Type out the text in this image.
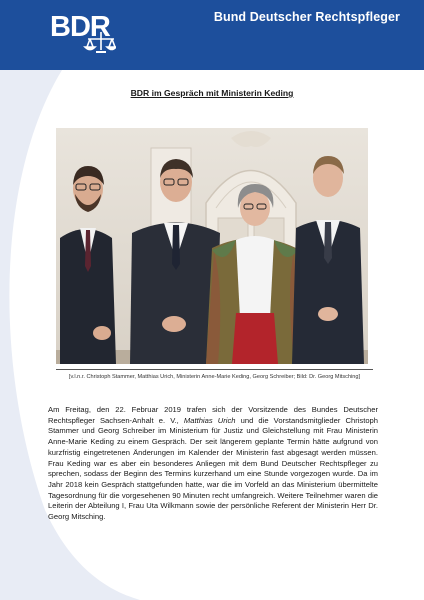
BDR	Bund Deutscher Rechtspfleger
BDR im Gespräch mit Ministerin Keding
[v.l.n.r. Christoph Stammer, Matthias Urich, Ministerin Anne-Marie Keding, Georg Schreiber; Bild: Dr. Georg Mitsching]
Am Freitag, den 22. Februar 2019 trafen sich der Vorsitzende des Bundes Deutscher Rechtspfleger Sachsen-Anhalt e. V., Matthias Urich und die Vorstandsmitglieder Christoph Stammer und Georg Schreiber im Ministerium für Justiz und Gleichstellung mit Frau Ministerin Anne-Marie Keding zu einem Gespräch. Der seit längerem geplante Termin hätte aufgrund von kurzfristig eingetretenen Änderungen im Kalender der Ministerin fast abgesagt werden müssen. Frau Keding war es aber ein besonderes Anliegen mit dem Bund Deutscher Rechtspfleger zu sprechen, sodass der Beginn des Termins kurzerhand um eine Stunde vorgezogen wurde. Da im Jahr 2018 kein Gespräch stattgefunden hatte, war die im Vorfeld an das Ministerium übermittelte Tagesordnung für die vorgesehenen 90 Minuten recht umfangreich. Weitere Teilnehmer waren die Leiterin der Abteilung I, Frau Uta Wilkmann sowie der persönliche Referent der Ministerin Herr Dr. Georg Mitsching.
